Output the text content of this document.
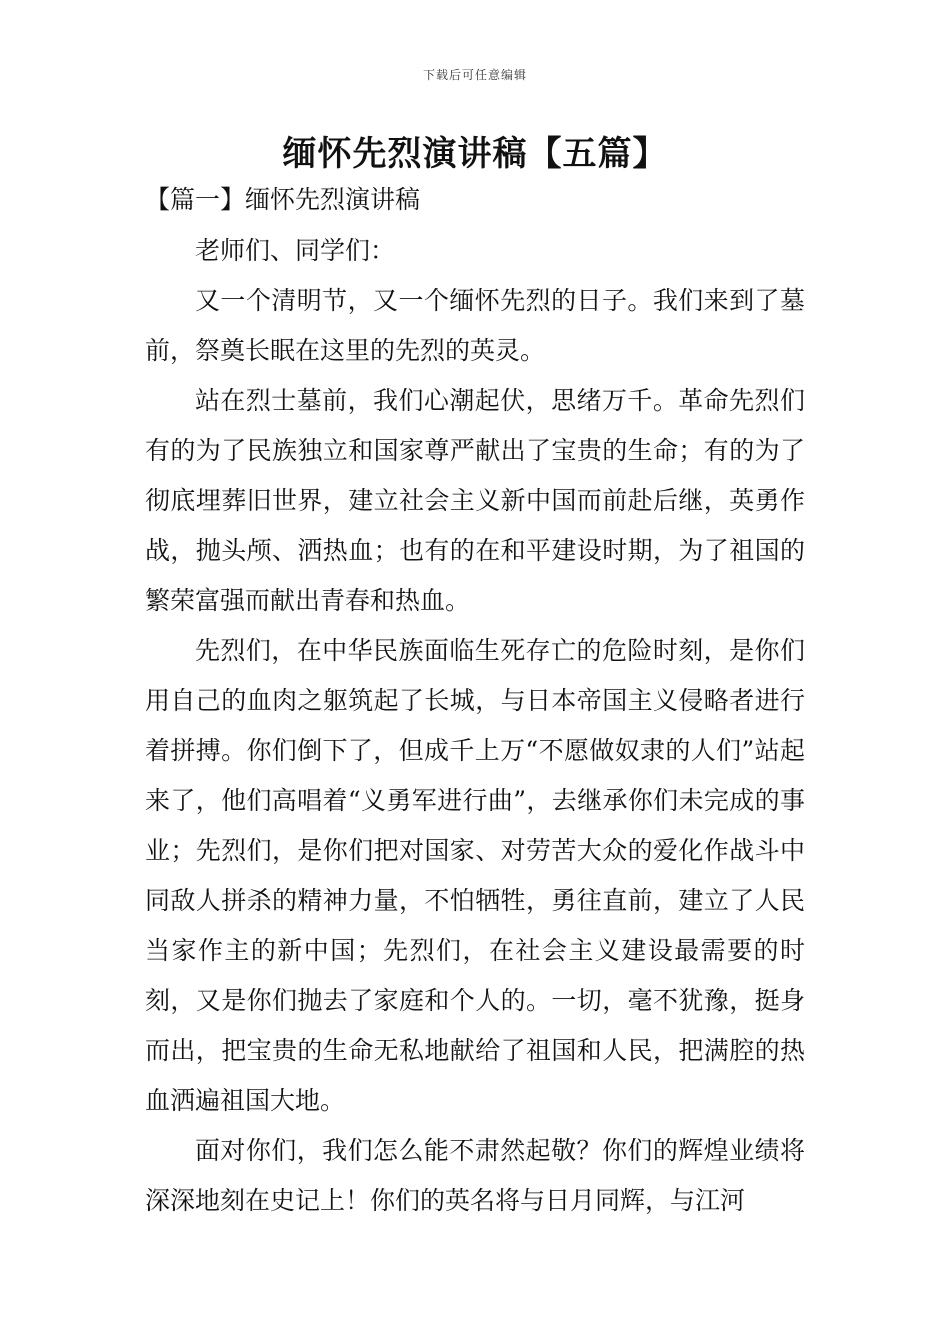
下载后可任意编辑
缅怀先烈演讲稿【五篇】
【篇一】缅怀先烈演讲稿

老师们、同学们：

又一个清明节，又一个缅怀先烈的日子。我们来到了墓前，祭奠长眠在这里的先烈的英灵。

站在烈士墓前，我们心潮起伏，思绪万千。革命先烈们有的为了民族独立和国家尊严献出了宝贵的生命；有的为了彻底埋葬旧世界，建立社会主义新中国而前赴后继，英勇作战，抛头颅、洒热血；也有的在和平建设时期，为了祖国的繁荣富强而献出青春和热血。

先烈们，在中华民族面临生死存亡的危险时刻，是你们用自己的血肉之躯筑起了长城，与日本帝国主义侵略者进行着拼搏。你们倒下了，但成千上万“不愿做奴隶的人们”站起来了，他们高唱着“义勇军进行曲”，去继承你们未完成的事业；先烈们，是你们把对国家、对劳苦大众的爱化作战斗中同敌人拼杀的精神力量，不怕牺牲，勇往直前，建立了人民当家作主的新中国；先烈们，在社会主义建设最需要的时刻，又是你们抛去了家庭和个人的。一切，毫不犹豫，挺身而出，把宝贵的生命无私地献给了祖国和人民，把满腔的热血洒遍祖国大地。

面对你们，我们怎么能不肃然起敬？你们的辉煌业绩将深深地刻在史记上！你们的英名将与日月同辉，与江河
